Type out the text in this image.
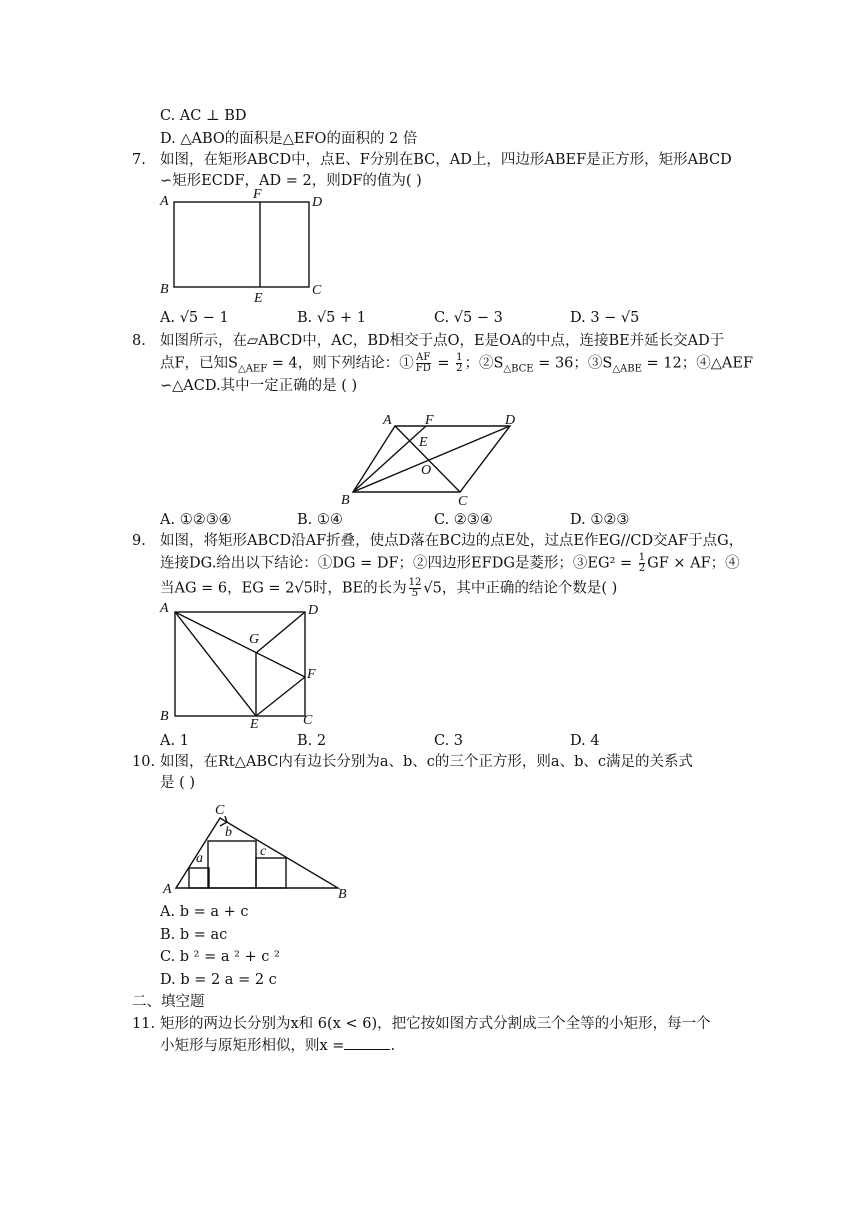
C. AC ⊥ BD
D. △ABO的面积是△EFO的面积的 2 倍
7. 如图，在矩形ABCD中，点E、F分别在BC，AD上，四边形ABEF是正方形，矩形ABCD
∽矩形ECDF，AD = 2，则DF的值为( )
A	F
D
B
E
C
A. √5 − 1	B. √5 + 1	C. √5 − 3	D. 3 − √5
8. 如图所示，在▱ABCD中，AC，BD相交于点O，E是OA的中点，连接BE并延长交AD于
点F，已知$S_{\triangle AEF} = 4$，则下列结论：① $\frac{AF}{FD} = \frac{1}{2}$ ；$②S_{\triangle BCE} = 36$；$③S_{\triangle ABE} = 12$；④△AEF
∽△ACD.其中一定正确的是 ( )
A F	D
E
O
B	C
A. ①②③④	B. ①④	C. ②③④	D. ①②③
9. 如图，将矩形ABCD沿AF折叠，使点D落在BC边的点E处，过点E作EG//CD交AF于点G，
连接DG.给出以下结论：①DG = DF；②四边形EFDG是菱形；③EG² = $\frac{1}{2}$ GF × AF；④
当AG = 6，EG = 2√5时，BE的长为 $\frac{12}{5} √5$，其中正确的结论个数是( )
A	D
G
F
B
E	C
A. 1	B. 2	C. 3	D. 4
10. 如图，在Rt△ABC内有边长分别为a、b、c的三个正方形，则a、b、c满足的关系式
是 ( )
C
b
a	c
A	B
A. b = a + c
B. b = ac
C. b ² = a ² + c ²
D. b = 2 a = 2 c
二、填空题
11. 矩形的两边长分别为x和 6(x < 6)，把它按如图方式分割成三个全等的小矩形，每一个
小矩形与原矩形相似，则x =	.
